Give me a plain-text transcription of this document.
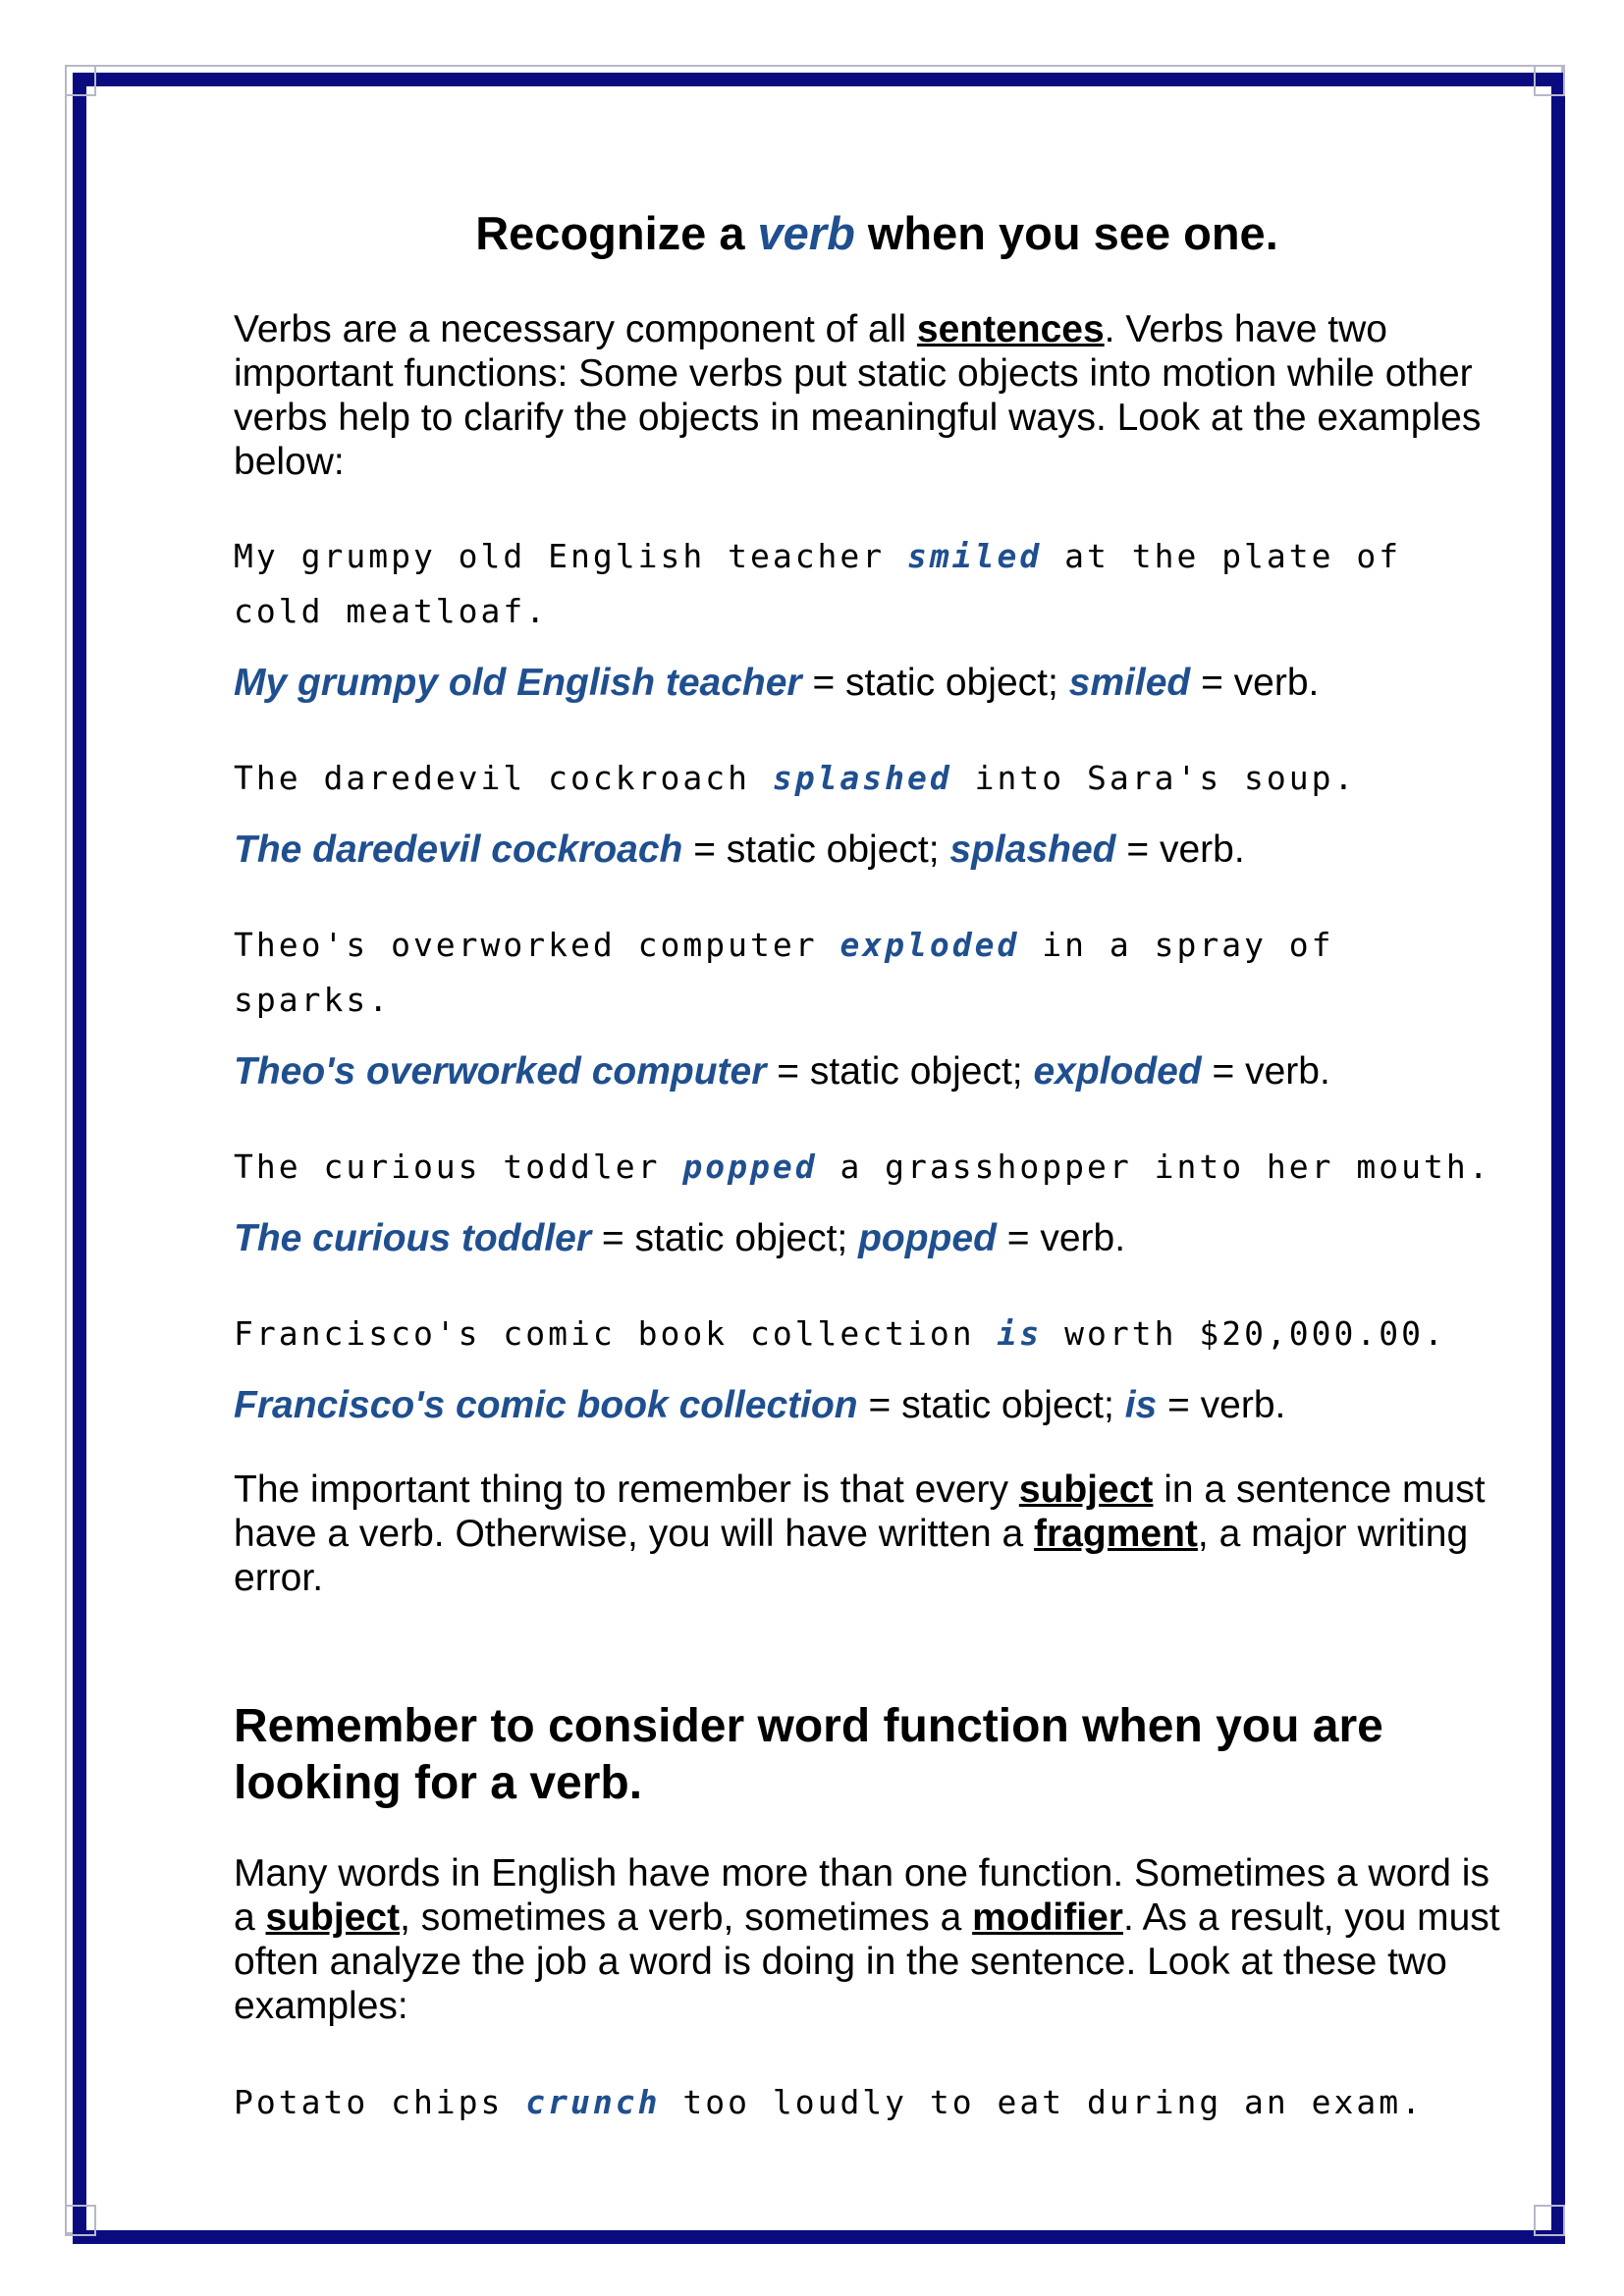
Recognize a verb when you see one.

Verbs are a necessary component of all sentences. Verbs have two important functions: Some verbs put static objects into motion while other verbs help to clarify the objects in meaningful ways. Look at the examples below:

My grumpy old English teacher smiled at the plate of cold meatloaf.

My grumpy old English teacher = static object; smiled = verb.

The daredevil cockroach splashed into Sara's soup.

The daredevil cockroach = static object; splashed = verb.

Theo's overworked computer exploded in a spray of sparks.

Theo's overworked computer = static object; exploded = verb.

The curious toddler popped a grasshopper into her mouth.

The curious toddler = static object; popped = verb.

Francisco's comic book collection is worth $20,000.00.

Francisco's comic book collection = static object; is = verb.

The important thing to remember is that every subject in a sentence must have a verb. Otherwise, you will have written a fragment, a major writing error.

Remember to consider word function when you are looking for a verb.

Many words in English have more than one function. Sometimes a word is a subject, sometimes a verb, sometimes a modifier. As a result, you must often analyze the job a word is doing in the sentence. Look at these two examples:

Potato chips crunch too loudly to eat during an exam.
